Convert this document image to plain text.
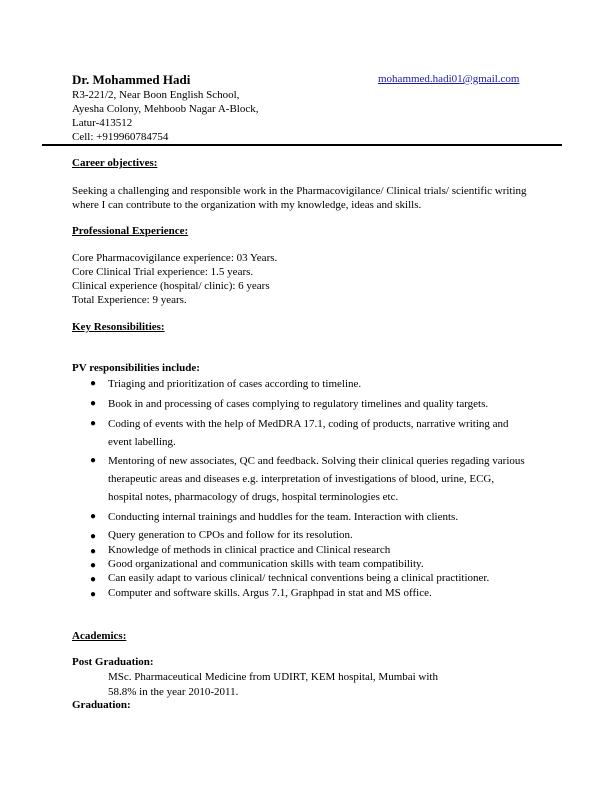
Dr. Mohammed Hadi	mohammed.hadi01@gmail.com
R3-221/2, Near Boon English School,
Ayesha Colony, Mehboob Nagar A-Block,
Latur-413512
Cell: +919960784754
Career objectives:
Seeking a challenging and responsible work in the Pharmacovigilance/ Clinical trials/ scientific writing where I can contribute to the organization with my knowledge, ideas and skills.
Professional Experience:
Core Pharmacovigilance experience: 03 Years.
Core Clinical Trial experience: 1.5 years.
Clinical experience (hospital/ clinic): 6 years
Total Experience: 9 years.
Key Resonsibilities:
PV responsibilities include:
● Triaging and prioritization of cases according to timeline.
● Book in and processing of cases complying to regulatory timelines and quality targets.
● Coding of events with the help of MedDRA 17.1, coding of products, narrative writing and event labelling.
● Mentoring of new associates, QC and feedback. Solving their clinical queries regading various therapeutic areas and diseases e.g. interpretation of investigations of blood, urine, ECG, hospital notes, pharmacology of drugs, hospital terminologies etc.
● Conducting internal trainings and huddles for the team. Interaction with clients.
● Query generation to CPOs and follow for its resolution.
● Knowledge of methods in clinical practice and Clinical research
● Good organizational and communication skills with team compatibility.
● Can easily adapt to various clinical/ technical conventions being a clinical practitioner.
● Computer and software skills. Argus 7.1, Graphpad in stat and MS office.
Academics:
Post Graduation:
MSc. Pharmaceutical Medicine from UDIRT, KEM hospital, Mumbai with
58.8% in the year 2010-2011.
Graduation:
